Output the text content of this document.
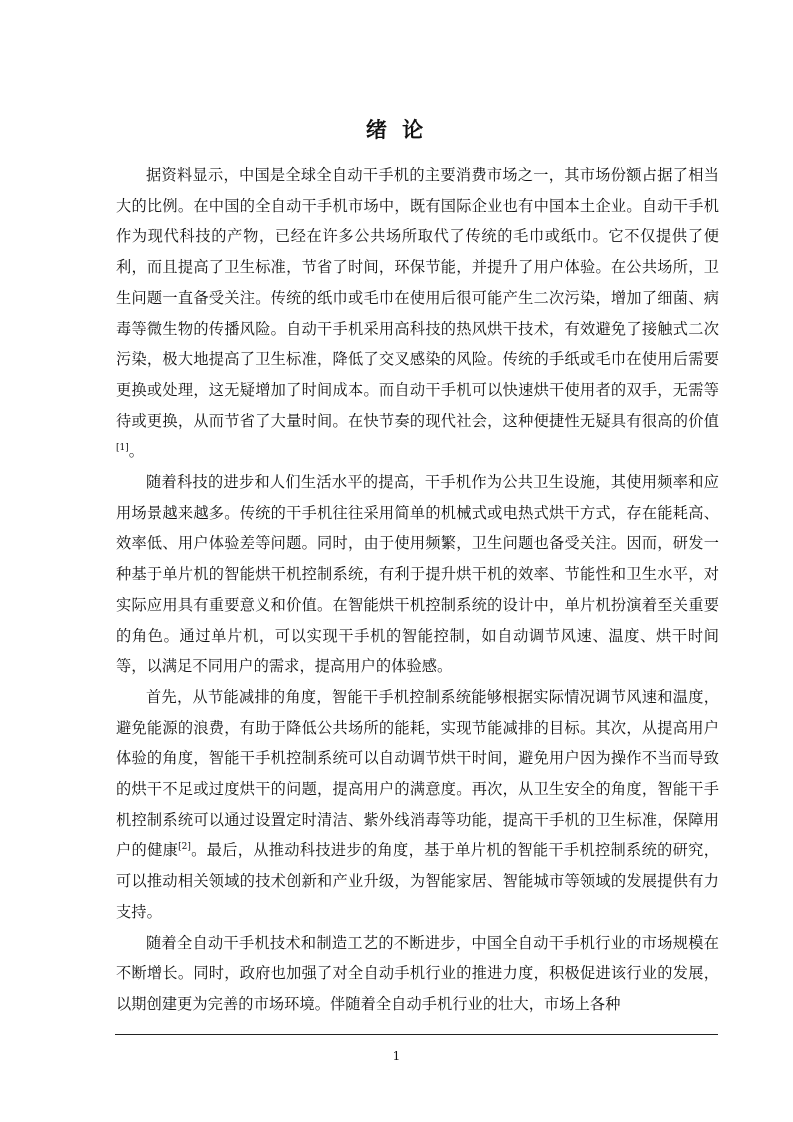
绪 论

据资料显示，中国是全球全自动干手机的主要消费市场之一，其市场份额占据了相当大的比例。在中国的全自动干手机市场中，既有国际企业也有中国本土企业。自动干手机作为现代科技的产物，已经在许多公共场所取代了传统的毛巾或纸巾。它不仅提供了便利，而且提高了卫生标准，节省了时间，环保节能，并提升了用户体验。在公共场所，卫生问题一直备受关注。传统的纸巾或毛巾在使用后很可能产生二次污染，增加了细菌、病毒等微生物的传播风险。自动干手机采用高科技的热风烘干技术，有效避免了接触式二次污染，极大地提高了卫生标准，降低了交叉感染的风险。传统的手纸或毛巾在使用后需要更换或处理，这无疑增加了时间成本。而自动干手机可以快速烘干使用者的双手，无需等待或更换，从而节省了大量时间。在快节奏的现代社会，这种便捷性无疑具有很高的价值[1]。

随着科技的进步和人们生活水平的提高，干手机作为公共卫生设施，其使用频率和应用场景越来越多。传统的干手机往往采用简单的机械式或电热式烘干方式，存在能耗高、效率低、用户体验差等问题。同时，由于使用频繁，卫生问题也备受关注。因而，研发一种基于单片机的智能烘干机控制系统，有利于提升烘干机的效率、节能性和卫生水平，对实际应用具有重要意义和价值。在智能烘干机控制系统的设计中，单片机扮演着至关重要的角色。通过单片机，可以实现干手机的智能控制，如自动调节风速、温度、烘干时间等，以满足不同用户的需求，提高用户的体验感。

首先，从节能减排的角度，智能干手机控制系统能够根据实际情况调节风速和温度，避免能源的浪费，有助于降低公共场所的能耗，实现节能减排的目标。其次，从提高用户体验的角度，智能干手机控制系统可以自动调节烘干时间，避免用户因为操作不当而导致的烘干不足或过度烘干的问题，提高用户的满意度。再次，从卫生安全的角度，智能干手机控制系统可以通过设置定时清洁、紫外线消毒等功能，提高干手机的卫生标准，保障用户的健康[2]。最后，从推动科技进步的角度，基于单片机的智能干手机控制系统的研究，可以推动相关领域的技术创新和产业升级，为智能家居、智能城市等领域的发展提供有力支持。

随着全自动干手机技术和制造工艺的不断进步，中国全自动干手机行业的市场规模在不断增长。同时，政府也加强了对全自动手机行业的推进力度，积极促进该行业的发展，以期创建更为完善的市场环境。伴随着全自动手机行业的壮大，市场上各种

1
